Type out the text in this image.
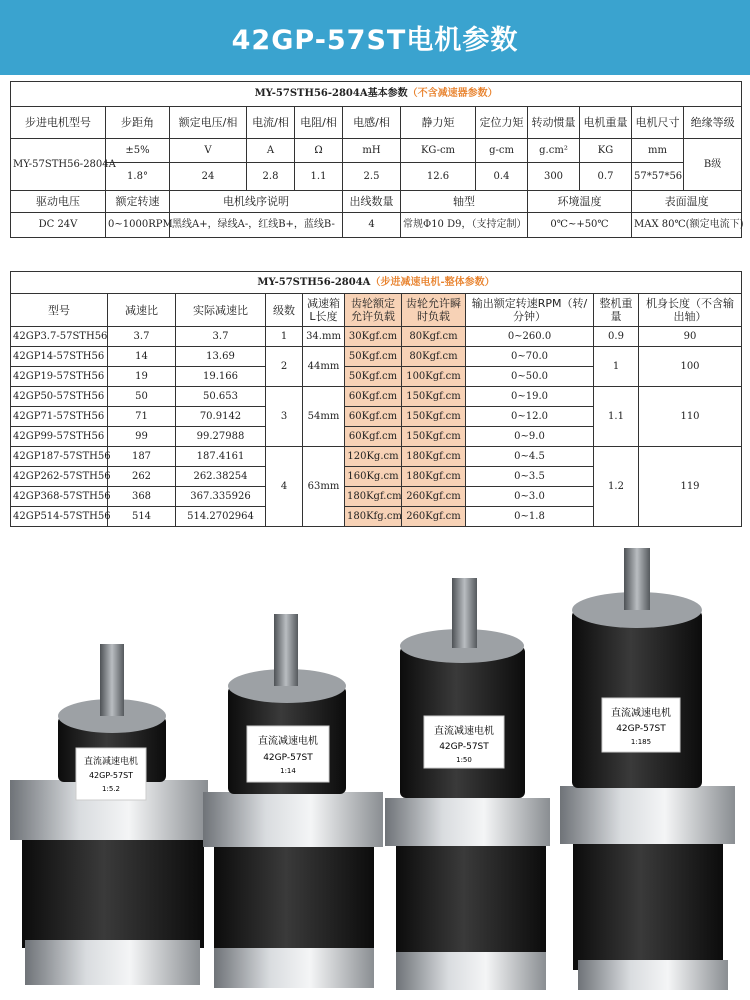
42GP-57ST电机参数
MY-57STH56-2804A基本参数（不含减速器参数）											
步进电机型号	步距角	额定电压/相	电流/相	电阻/相	电感/相	静力矩	定位力矩	转动惯量	电机重量	电机尺寸	绝缘等级
MY-57STH56-2804A	±5%	V	A	Ω	mH	KG-cm	g-cm	g.cm²	KG	mm	B级
	1.8°	24	2.8	1.1	2.5	12.6	0.4	300	0.7	57*57*56	
驱动电压	额定转速	电机线序说明			出线数量	轴型		环境温度		表面温度	
DC 24V	0~1000RPM	黑线A+，绿线A-，红线B+，蓝线B-			4	常规Φ10 D9，（支持定制）		0℃~+50℃		MAX 80℃(额定电流下)	
MY-57STH56-2804A（步进减速电机-整体参数）									
型号	减速比	实际减速比	级数	减速箱L长度	齿轮额定允许负载	齿轮允许瞬时负载	输出额定转速RPM（转/分钟）	整机重量	机身长度（不含输出轴）
42GP3.7-57STH56	3.7	3.7	1	34.mm	30Kgf.cm	80Kgf.cm	0~260.0	0.9	90
42GP14-57STH56	14	13.69	2	44mm	50Kgf.cm	80Kgf.cm	0~70.0	1	100
42GP19-57STH56	19	19.166			50Kgf.cm	100Kgf.cm	0~50.0		
42GP50-57STH56	50	50.653	3	54mm	60Kgf.cm	150Kgf.cm	0~19.0	1.1	110
42GP71-57STH56	71	70.9142			60Kgf.cm	150Kgf.cm	0~12.0		
42GP99-57STH56	99	99.27988			60Kgf.cm	150Kgf.cm	0~9.0		
42GP187-57STH56	187	187.4161	4	63mm	120Kg.cm	180Kgf.cm	0~4.5	1.2	119
42GP262-57STH56	262	262.38254			160Kg.cm	180Kgf.cm	0~3.5		
42GP368-57STH56	368	367.335926			180Kgf.cm	260Kgf.cm	0~3.0		
42GP514-57STH56	514	514.2702964			180Kfg.cm	260Kgf.cm	0~1.8		
直流减速电机
42GP-57ST
1:5.2
直流减速电机
42GP-57ST
1:14
直流减速电机
42GP-57ST
1:50
直流减速电机
42GP-57ST
1:185
